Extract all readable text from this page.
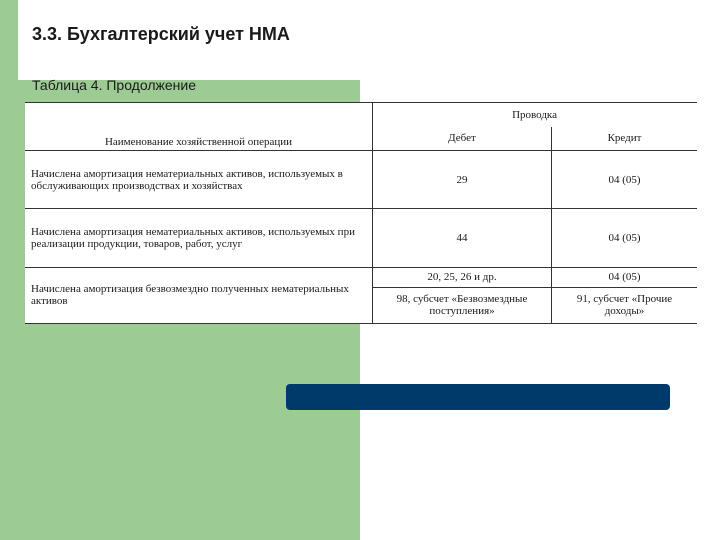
3.3. Бухгалтерский учет НМА
Таблица 4. Продолжение
Наименование хозяйственной операции	Проводка	
	Дебет	Кредит
Начислена амортизация нематериальных активов, используемых в обслуживающих производствах и хозяйствах	29	04 (05)
Начислена амортизация нематериальных активов, используемых при реализации продукции, товаров, работ, услуг	44	04 (05)
Начислена амортизация безвозмездно полученных нематериальных активов	20, 25, 26 и др.	04 (05)
	98, субсчет «Безвозмездные поступления»	91, субсчет «Прочие доходы»
